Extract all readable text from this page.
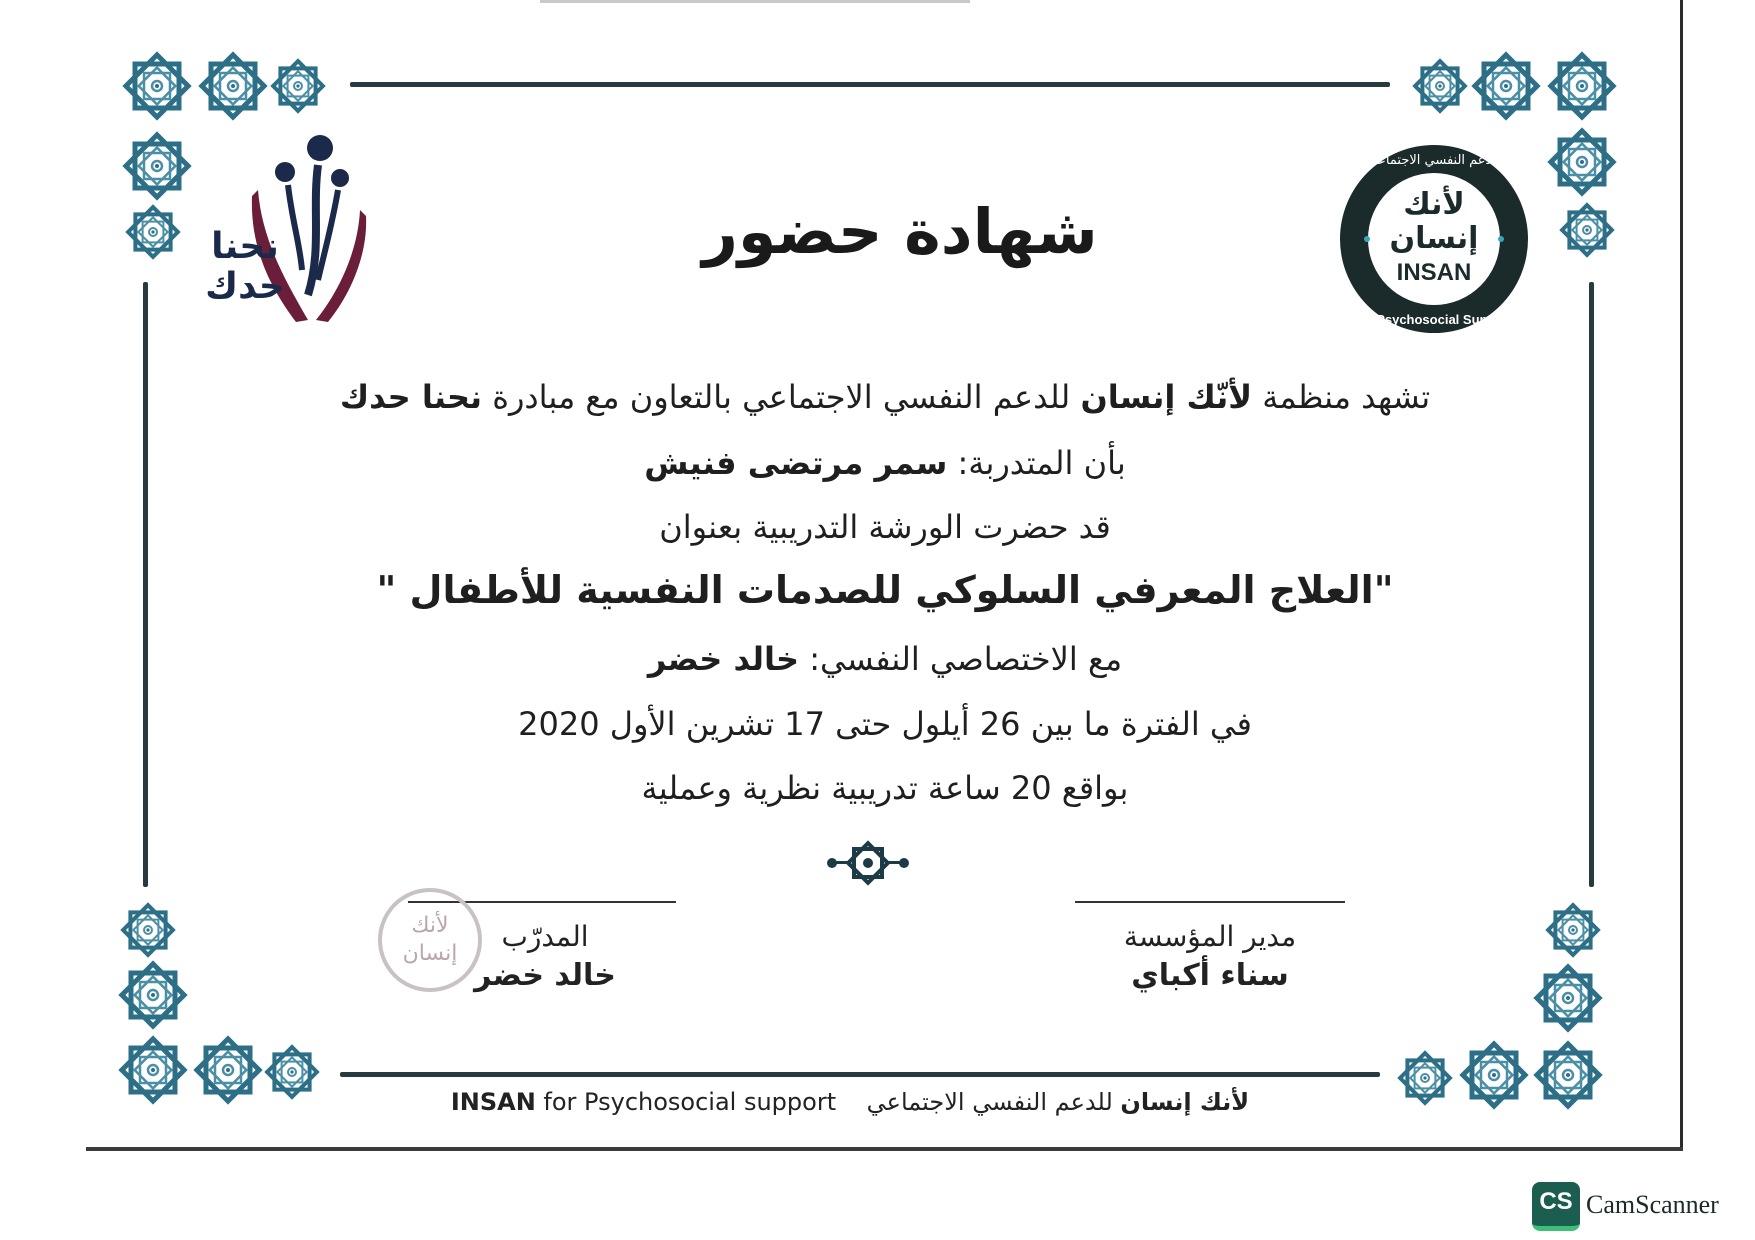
نحنا
حدك
للدعم النفسي الاجتماعي
لأنك
إنسان
INSAN
for Psychosocial Support
شهادة حضور
تشهد منظمة لأنّك إنسان للدعم النفسي الاجتماعي بالتعاون مع مبادرة نحنا حدك
بأن المتدربة: سمر مرتضى فنيش
قد حضرت الورشة التدريبية بعنوان
"العلاج المعرفي السلوكي للصدمات النفسية للأطفال "
مع الاختصاصي النفسي: خالد خضر
في الفترة ما بين 26 أيلول حتى 17 تشرين الأول 2020
بواقع 20 ساعة تدريبية نظرية وعملية
مدير المؤسسة
سناء أكباي
المدرّب
خالد خضر
لأنك
إنسان
INSAN for Psychosocial support	لأنك إنسان للدعم النفسي الاجتماعي
CS CamScanner
